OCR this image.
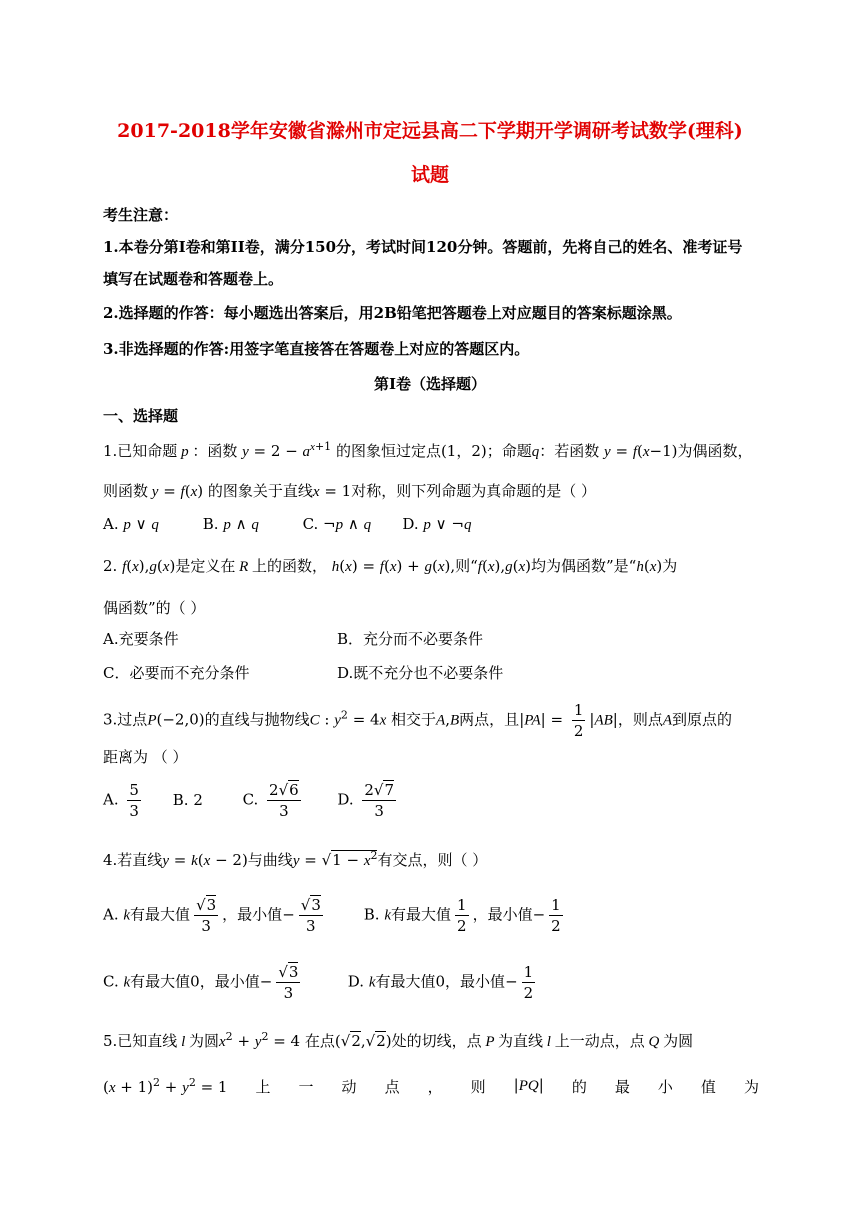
2017-2018学年安徽省滁州市定远县高二下学期开学调研考试数学(理科)
试题
考生注意：
1.本卷分第Ⅰ卷和第II卷，满分150分，考试时间120分钟。答题前，先将自己的姓名、准考证号
填写在试题卷和答题卷上。
2.选择题的作答：每小题选出答案后，用2B铅笔把答题卷上对应题目的答案标题涂黑。
3.非选择题的作答:用签字笔直接答在答题卷上对应的答题区内。
第Ⅰ卷（选择题）
一、选择题
1.已知命题 p ：函数 $y = 2 - a^{x+1}$ 的图象恒过定点(1，2)；命题q：若函数 y = f(x−1)为偶函数，
则函数 y = f(x) 的图象关于直线x = 1对称，则下列命题为真命题的是（ ）
A. p ∨ q	B. p ∧ q	C. ¬p ∧ q D. p ∨ ¬q
2. f(x),g(x)是定义在 R 上的函数， h(x) = f(x) + g(x),则“f(x),g(x)均为偶函数”是“h(x)为
偶函数”的（ ）
A.充要条件	B．充分而不必要条件
C．必要而不充分条件	D.既不充分也不必要条件
3.过点P(−2,0)的直线与抛物线C : $y^2 = 4x$ 相交于A,B两点，且$|PA| = \frac{1}{2} |AB|$，则点A到原点的
距离为 （ ）
A. $\frac{5}{3} B$. 2	C. $\frac{2√6}{3} D$. $\frac{2√7}{3}$
4.若直线y = k(x − 2)与曲线$y = √1 - x^2$有交点，则（ ）
A. k有最大值 $\frac{√3}{3}$ ，最小值− $\frac{√3}{3}$	B. k有最大值 $\frac{1}{2}$ ，最小值− $\frac{1}{2}$
C. k有最大值0，最小值− $\frac{√3}{3}$	D. k有最大值0，最小值− $\frac{1}{2}$
5.已知直线 l 为圆$x^2 + y^2 = 4$ 在点(√2,√2)处的切线，点 P 为直线 l 上一动点，点 Q 为圆
$(x + 1)^2 + y^2 = 1$ 上 一 动 点 ， 则 |PQ| 的 最 小 值 为
